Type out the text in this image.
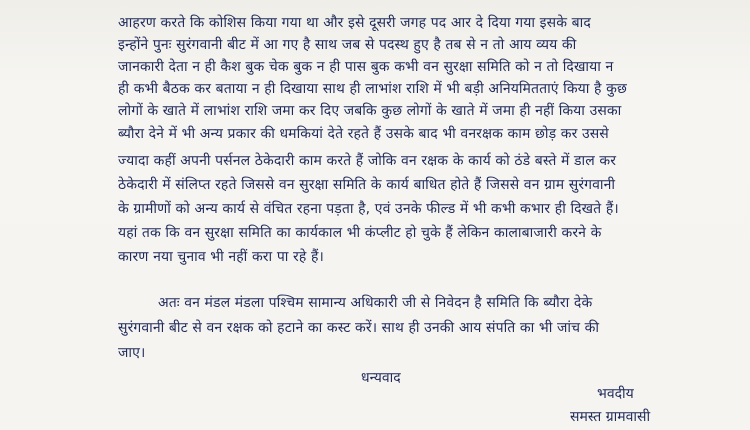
आहरण करते कि कोशिस किया गया था और इसे दूसरी जगह पद आर दे दिया गया इसके बाद
इन्होंने पुनः सुरंगवानी बीट में आ गए है साथ जब से पदस्थ हुए है तब से न तो आय व्यय की
जानकारी देता न ही कैश बुक चेक बुक न ही पास बुक कभी वन सुरक्षा समिति को न तो दिखाया न
ही कभी बैठक कर बताया न ही दिखाया साथ ही लाभांश राशि में भी बड़ी अनियमितताएं किया है कुछ
लोगों के खाते में लाभांश राशि जमा कर दिए जबकि कुछ लोगों के खाते में जमा ही नहीं किया उसका
ब्यौरा देने में भी अन्य प्रकार की धमकियां देते रहते हैं उसके बाद भी वनरक्षक काम छोड़ कर उससे
ज्यादा कहीं अपनी पर्सनल ठेकेदारी काम करते हैं जोकि वन रक्षक के कार्य को ठंडे बस्ते में डाल कर
ठेकेदारी में संलिप्त रहते जिससे वन सुरक्षा समिति के कार्य बाधित होते हैं जिससे वन ग्राम सुरंगवानी
के ग्रामीणों को अन्य कार्य से वंचित रहना पड़ता है, एवं उनके फील्ड में भी कभी कभार ही दिखते हैं।
यहां तक कि वन सुरक्षा समिति का कार्यकाल भी कंप्लीट हो चुके हैं लेकिन कालाबाजारी करने के
कारण नया चुनाव भी नहीं करा पा रहे हैं।
अतः वन मंडल मंडला पश्चिम सामान्य अधिकारी जी से निवेदन है समिति कि ब्यौरा देके
सुरंगवानी बीट से वन रक्षक को हटाने का कस्ट करें। साथ ही उनकी आय संपति का भी जांच की
जाए।
धन्यवाद
भवदीय
समस्त ग्रामवासी
